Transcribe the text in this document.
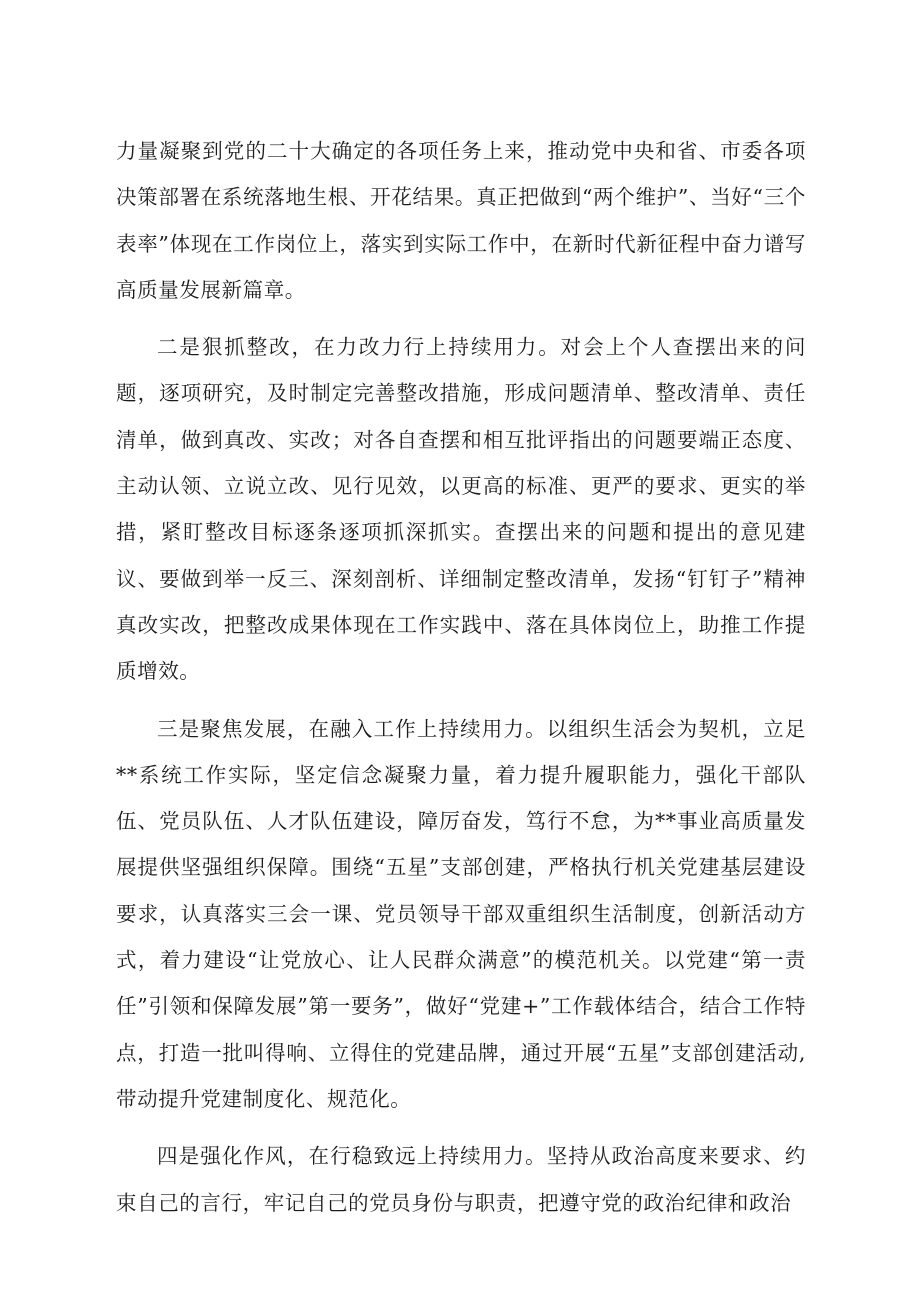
力量凝聚到党的二十大确定的各项任务上来，推动党中央和省、市委各项决策部署在系统落地生根、开花结果。真正把做到“两个维护”、当好“三个表率”体现在工作岗位上，落实到实际工作中，在新时代新征程中奋力谱写高质量发展新篇章。

二是狠抓整改，在力改力行上持续用力。对会上个人查摆出来的问题，逐项研究，及时制定完善整改措施，形成问题清单、整改清单、责任清单，做到真改、实改；对各自查摆和相互批评指出的问题要端正态度、主动认领、立说立改、见行见效，以更高的标准、更严的要求、更实的举措，紧盯整改目标逐条逐项抓深抓实。查摆出来的问题和提出的意见建议、要做到举一反三、深刻剖析、详细制定整改清单，发扬“钉钉子”精神真改实改，把整改成果体现在工作实践中、落在具体岗位上，助推工作提质增效。

三是聚焦发展，在融入工作上持续用力。以组织生活会为契机，立足**系统工作实际，坚定信念凝聚力量，着力提升履职能力，强化干部队伍、党员队伍、人才队伍建设，障厉奋发，笃行不怠，为**事业高质量发展提供坚强组织保障。围绕“五星”支部创建，严格执行机关党建基层建设要求，认真落实三会一课、党员领导干部双重组织生活制度，创新活动方式，着力建设“让党放心、让人民群众满意”的模范机关。以党建“第一责任”引领和保障发展”第一要务”，做好“党建+”工作载体结合，结合工作特点，打造一批叫得响、立得住的党建品牌，通过开展“五星”支部创建活动,带动提升党建制度化、规范化。

四是强化作风，在行稳致远上持续用力。坚持从政治高度来要求、约束自己的言行，牢记自己的党员身份与职责，把遵守党的政治纪律和政治
